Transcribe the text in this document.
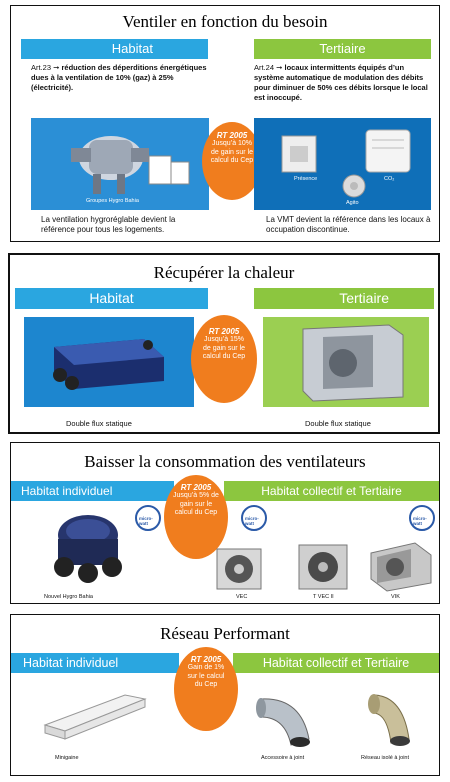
Ventiler en fonction du besoin
Habitat	Tertiaire
Art.23 ➞ réduction des déperditions énergétiques dues à la ventilation de 10% (gaz) à 25% (électricité).
Art.24 ➞ locaux intermittents équipés d’un système automatique de modulation des débits pour diminuer de 50% ces débits lorsque le local est inoccupé.
Groupes Hygro Bahia
RT 2005
Jusqu’à 10% de gain sur le calcul du Cep
Présence	CO₂
Agito
La ventilation hygroréglable devient la référence pour tous les logements.
La VMT devient la référence dans les locaux à occupation discontinue.
Récupérer la chaleur
Habitat	Tertiaire
RT 2005
Jusqu’à 15% de gain sur le calcul du Cep
Double flux statique	Double flux statique
Baisser la consommation des ventilateurs
Habitat individuel	Habitat collectif et Tertiaire
RT 2005
Jusqu’à 5% de gain sur le calcul du Cep
micro-watt
micro-watt
micro-watt
Nouvel Hygro Bahia	VEC	T VEC II	VIK
Réseau Performant
Habitat individuel	Habitat collectif et Tertiaire
RT 2005
Gain de 1% sur le calcul du Cep
Minigaine	Accessoire à joint	Réseau isolé à joint
